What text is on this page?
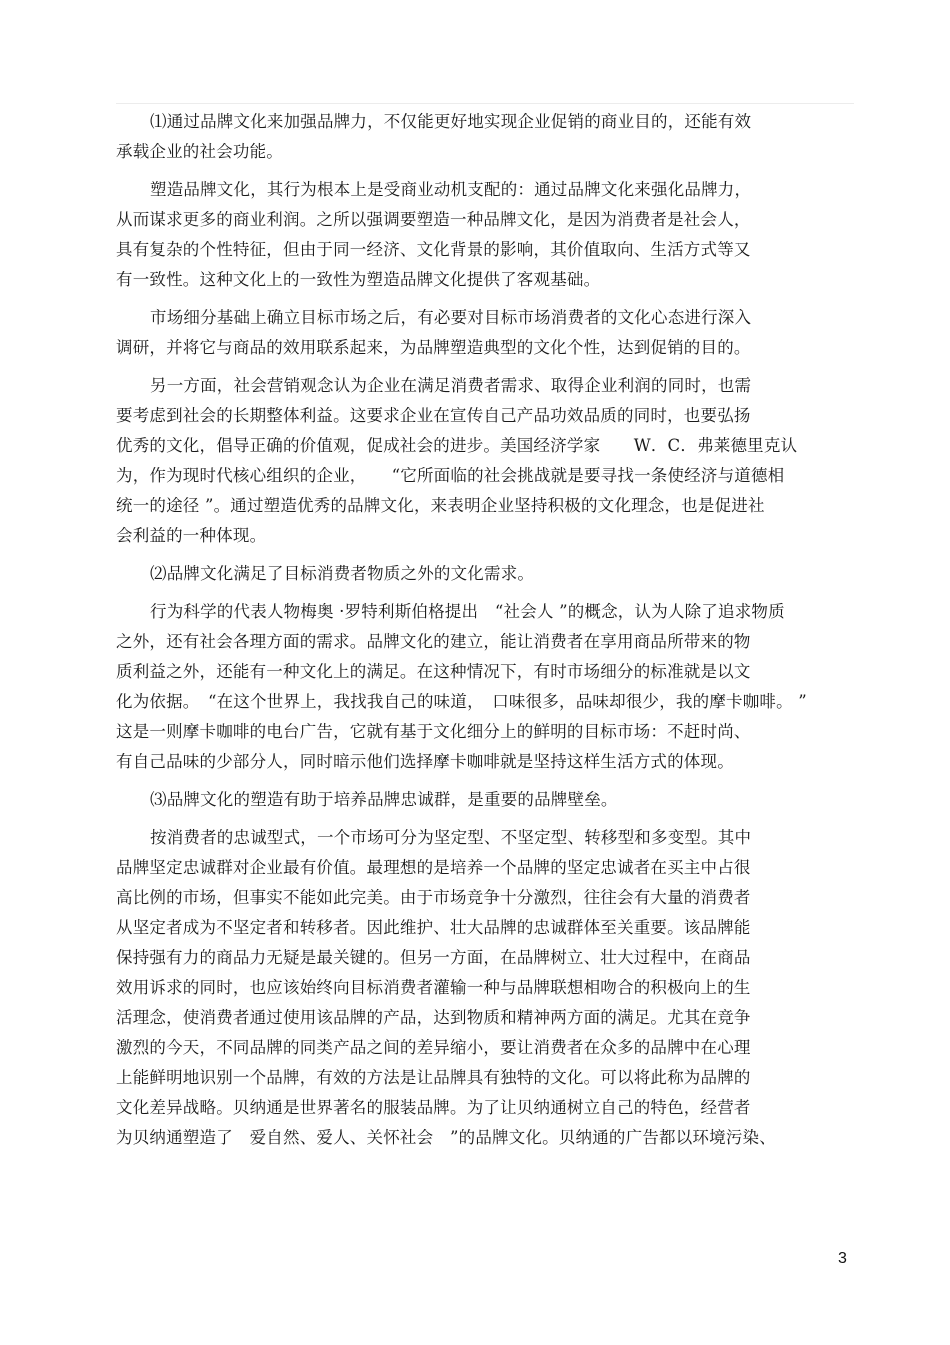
⑴通过品牌文化来加强品牌力，不仅能更好地实现企业促销的商业目的，还能有效
承载企业的社会功能。

塑造品牌文化，其行为根本上是受商业动机支配的：通过品牌文化来强化品牌力，
从而谋求更多的商业利润。之所以强调要塑造一种品牌文化，是因为消费者是社会人，
具有复杂的个性特征，但由于同一经济、文化背景的影响，其价值取向、生活方式等又
有一致性。这种文化上的一致性为塑造品牌文化提供了客观基础。

市场细分基础上确立目标市场之后，有必要对目标市场消费者的文化心态进行深入
调研，并将它与商品的效用联系起来，为品牌塑造典型的文化个性，达到促销的目的。

另一方面，社会营销观念认为企业在满足消费者需求、取得企业利润的同时，也需
要考虑到社会的长期整体利益。这要求企业在宣传自己产品功效品质的同时，也要弘扬
优秀的文化，倡导正确的价值观，促成社会的进步。美国经济学家　　W．C．弗莱德里克认
为，作为现时代核心组织的企业，　　“它所面临的社会挑战就是要寻找一条使经济与道德相
统一的途径 ”。通过塑造优秀的品牌文化，来表明企业坚持积极的文化理念，也是促进社
会利益的一种体现。

⑵品牌文化满足了目标消费者物质之外的文化需求。

行为科学的代表人物梅奥 ·罗特利斯伯格提出　“社会人 ”的概念，认为人除了追求物质
之外，还有社会各理方面的需求。品牌文化的建立，能让消费者在享用商品所带来的物
质利益之外，还能有一种文化上的满足。在这种情况下，有时市场细分的标准就是以文
化为依据。　“在这个世界上，我找我自己的味道，　口味很多，品味却很少，我的摩卡咖啡。 ”
这是一则摩卡咖啡的电台广告，它就有基于文化细分上的鲜明的目标市场：不赶时尚、
有自己品味的少部分人，同时暗示他们选择摩卡咖啡就是坚持这样生活方式的体现。

⑶品牌文化的塑造有助于培养品牌忠诚群，是重要的品牌壁垒。

按消费者的忠诚型式，一个市场可分为坚定型、不坚定型、转移型和多变型。其中
品牌坚定忠诚群对企业最有价值。最理想的是培养一个品牌的坚定忠诚者在买主中占很
高比例的市场，但事实不能如此完美。由于市场竞争十分激烈，往往会有大量的消费者
从坚定者成为不坚定者和转移者。因此维护、壮大品牌的忠诚群体至关重要。该品牌能
保持强有力的商品力无疑是最关键的。但另一方面，在品牌树立、壮大过程中，在商品
效用诉求的同时，也应该始终向目标消费者灌输一种与品牌联想相吻合的积极向上的生
活理念，使消费者通过使用该品牌的产品，达到物质和精神两方面的满足。尤其在竞争
激烈的今天，不同品牌的同类产品之间的差异缩小，要让消费者在众多的品牌中在心理
上能鲜明地识别一个品牌，有效的方法是让品牌具有独特的文化。可以将此称为品牌的
文化差异战略。贝纳通是世界著名的服装品牌。为了让贝纳通树立自己的特色，经营者
为贝纳通塑造了　爱自然、爱人、关怀社会　”的品牌文化。贝纳通的广告都以环境污染、

3
